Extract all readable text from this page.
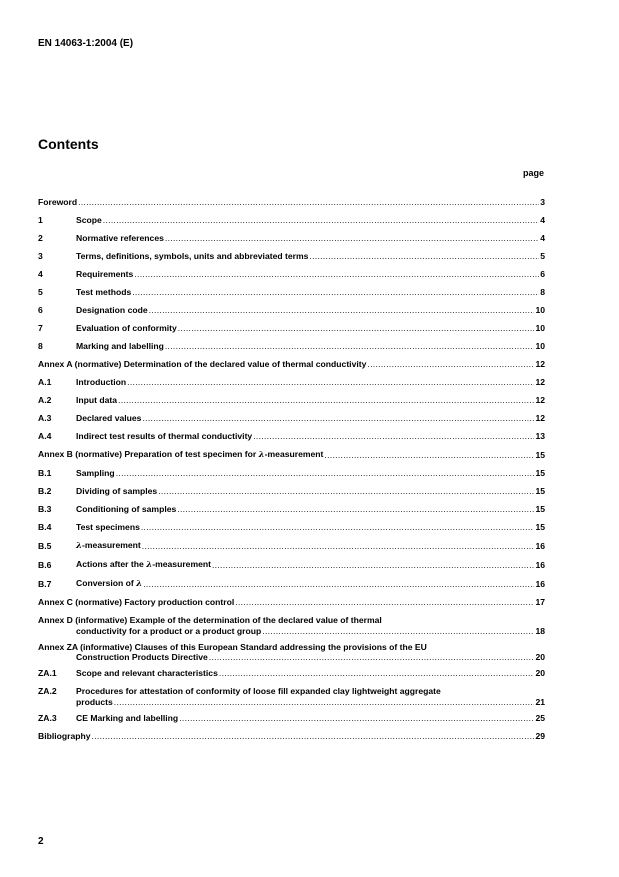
EN 14063-1:2004 (E)
Contents
page
Foreword .....	3
1	Scope .....	4
2	Normative references .....	4
3	Terms, definitions, symbols, units and abbreviated terms .....	5
4	Requirements .....	6
5	Test methods .....	8
6	Designation code .....	10
7	Evaluation of conformity .....	10
8	Marking and labelling .....	10
Annex A (normative) Determination of the declared value of thermal conductivity .....	12
A.1	Introduction .....	12
A.2	Input data .....	12
A.3	Declared values .....	12
A.4	Indirect test results of thermal conductivity .....	13
Annex B (normative) Preparation of test specimen for λ-measurement .....	15
B.1	Sampling .....	15
B.2	Dividing of samples .....	15
B.3	Conditioning of samples .....	15
B.4	Test specimens .....	15
B.5	λ-measurement .....	16
B.6	Actions after the λ-measurement .....	16
B.7	Conversion of λ .....	16
Annex C (normative) Factory production control .....	17
Annex D (informative) Example of the determination of the declared value of thermal
conductivity for a product or a product group .....	18
Annex ZA (informative) Clauses of this European Standard addressing the provisions of the EU
Construction Products Directive .....	20
ZA.1	Scope and relevant characteristics .....	20
ZA.2	Procedures for attestation of conformity of loose fill expanded clay lightweight aggregate
products .....	21
ZA.3	CE Marking and labelling .....	25
Bibliography .....	29
2
